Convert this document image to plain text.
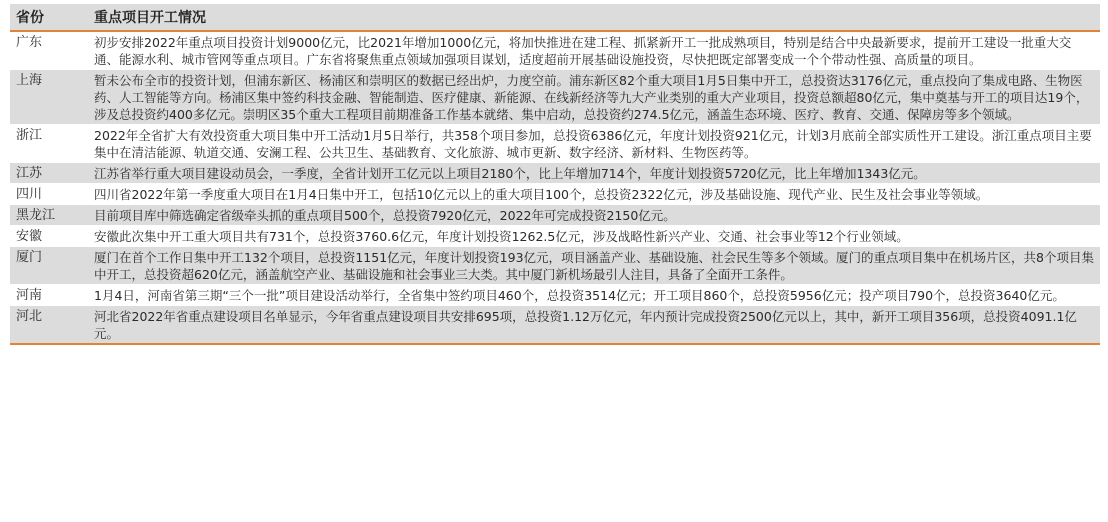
省份	重点项目开工情况
广东	初步安排2022年重点项目投资计划9000亿元，比2021年增加1000亿元，将加快推进在建工程、抓紧新开工一批成熟项目，特别是结合中央最新要求，提前开工建设一批重大交通、能源水利、城市管网等重点项目。广东省将聚焦重点领域加强项目谋划，适度超前开展基础设施投资，尽快把既定部署变成一个个带动性强、高质量的项目。
上海	暂未公布全市的投资计划，但浦东新区、杨浦区和崇明区的数据已经出炉，力度空前。浦东新区82个重大项目1月5日集中开工，总投资达3176亿元，重点投向了集成电路、生物医药、人工智能等方向。杨浦区集中签约科技金融、智能制造、医疗健康、新能源、在线新经济等九大产业类别的重大产业项目，投资总额超80亿元，集中奠基与开工的项目达19个，涉及总投资约400多亿元。崇明区35个重大工程项目前期准备工作基本就绪、集中启动，总投资约274.5亿元，涵盖生态环境、医疗、教育、交通、保障房等多个领域。
浙江	2022年全省扩大有效投资重大项目集中开工活动1月5日举行，共358个项目参加，总投资6386亿元，年度计划投资921亿元，计划3月底前全部实质性开工建设。浙江重点项目主要集中在清洁能源、轨道交通、安澜工程、公共卫生、基础教育、文化旅游、城市更新、数字经济、新材料、生物医药等。
江苏	江苏省举行重大项目建设动员会，一季度，全省计划开工亿元以上项目2180个，比上年增加714个，年度计划投资5720亿元，比上年增加1343亿元。
四川	四川省2022年第一季度重大项目在1月4日集中开工，包括10亿元以上的重大项目100个，总投资2322亿元，涉及基础设施、现代产业、民生及社会事业等领域。
黑龙江	目前项目库中筛选确定省级牵头抓的重点项目500个，总投资7920亿元，2022年可完成投资2150亿元。
安徽	安徽此次集中开工重大项目共有731个，总投资3760.6亿元，年度计划投资1262.5亿元，涉及战略性新兴产业、交通、社会事业等12个行业领域。
厦门	厦门在首个工作日集中开工132个项目，总投资1151亿元，年度计划投资193亿元，项目涵盖产业、基础设施、社会民生等多个领域。厦门的重点项目集中在机场片区，共8个项目集中开工，总投资超620亿元，涵盖航空产业、基础设施和社会事业三大类。其中厦门新机场最引人注目，具备了全面开工条件。
河南	1月4日，河南省第三期“三个一批”项目建设活动举行，全省集中签约项目460个，总投资3514亿元；开工项目860个，总投资5956亿元；投产项目790个，总投资3640亿元。
河北	河北省2022年省重点建设项目名单显示，今年省重点建设项目共安排695项，总投资1.12万亿元，年内预计完成投资2500亿元以上，其中，新开工项目356项，总投资4091.1亿元。
